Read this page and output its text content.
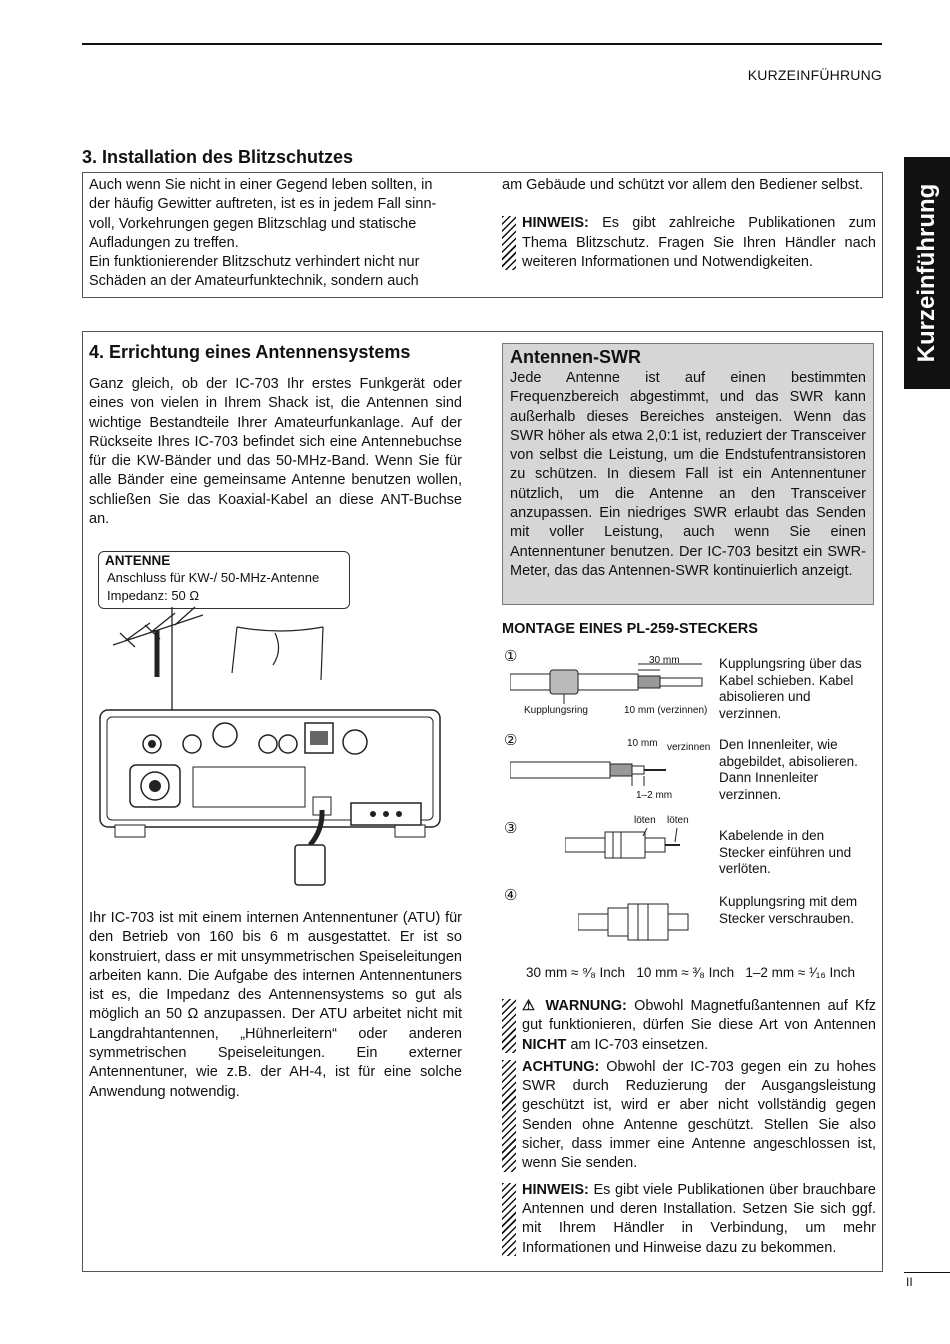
KURZEINFÜHRUNG
Kurzeinführung
3. Installation des Blitzschutzes

Auch wenn Sie nicht in einer Gegend leben sollten, in

der häufig Gewitter auftreten, ist es in jedem Fall sinn-

voll, Vorkehrungen gegen Blitzschlag und statische

Aufladungen zu treffen.

Ein funktionierender Blitzschutz verhindert nicht nur

Schäden an der Amateurfunktechnik, sondern auch

am Gebäude und schützt vor allem den Bediener selbst.

HINWEIS: Es gibt zahlreiche Publikationen zum Thema Blitzschutz. Fragen Sie Ihren Händler nach weiteren Informationen und Notwendigkeiten.
4. Errichtung eines Antennensystems

Ganz gleich, ob der IC-703 Ihr erstes Funkgerät oder eines von vielen in Ihrem Shack ist, die Antennen sind wichtige Bestandteile Ihrer Amateurfunkanlage. Auf der Rückseite Ihres IC-703 befindet sich eine Antennebuchse für die KW-Bänder und das 50-MHz-Band. Wenn Sie für alle Bänder eine gemeinsame Antenne benutzen wollen, schließen Sie das Koaxial-Kabel an diese ANT-Buchse an.

ANTENNE
Anschluss für KW-/ 50-MHz-Antenne
Impedanz: 50 Ω

Ihr IC-703 ist mit einem internen Antennentuner (ATU) für den Betrieb von 160 bis 6 m ausgestattet. Er ist so konstruiert, dass er mit unsymmetrischen Speiseleitungen arbeiten kann. Die Aufgabe des internen Antennentuners ist es, die Impedanz des Antennensystems so gut als möglich an 50 Ω anzupassen. Der ATU arbeitet nicht mit Langdrahtantennen, „Hühnerleitern“ oder anderen symmetrischen Speiseleitungen. Ein externer Antennentuner, wie z.B. der AH-4, ist für eine solche Anwendung notwendig.

Antennen-SWR

Jede Antenne ist auf einen bestimmten Frequenzbereich abgestimmt, und das SWR kann außerhalb dieses Bereiches ansteigen. Wenn das SWR höher als etwa 2,0:1 ist, reduziert der Transceiver von selbst die Leistung, um die Endstufentransistoren zu schützen. In diesem Fall ist ein Antennentuner nützlich, um die Antenne an den Transceiver anzupassen. Ein niedriges SWR erlaubt das Senden mit voller Leistung, auch wenn Sie einen Antennentuner benutzen. Der IC-703 besitzt ein SWR-Meter, das das Antennen-SWR kontinuierlich anzeigt.

MONTAGE EINES PL-259-STECKERS
①	30 mm
Kupplungsring	10 mm (verzinnen)

Kupplungsring über das Kabel schieben. Kabel abisolieren und verzinnen.

②	10 mm verzinnen
1–2 mm

Den Innenleiter, wie abgebildet, abisolieren. Dann Innenleiter verzinnen.

③	löten löten

Kabelende in den Stecker einführen und verlöten.

④	Kupplungsring mit dem Stecker verschrauben.

30 mm ≈ ⁹⁄₈ Inch   10 mm ≈ ³⁄₈ Inch   1–2 mm ≈ ¹⁄₁₆ Inch
⚠ WARNUNG: Obwohl Magnetfußantennen auf Kfz gut funktionieren, dürfen Sie diese Art von Antennen NICHT am IC-703 einsetzen.
ACHTUNG: Obwohl der IC-703 gegen ein zu hohes SWR durch Reduzierung der Ausgangsleistung geschützt ist, wird er aber nicht vollständig gegen Senden ohne Antenne geschützt. Stellen Sie also sicher, dass immer eine Antenne angeschlossen ist, wenn Sie senden.
HINWEIS: Es gibt viele Publikationen über brauchbare Antennen und deren Installation. Setzen Sie sich ggf. mit Ihrem Händler in Verbindung, um mehr Informationen und Hinweise dazu zu bekommen.
II
